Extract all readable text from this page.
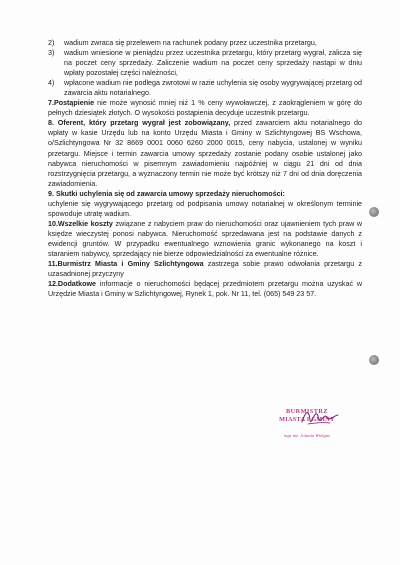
2) wadium zwraca się przelewem na rachunek podany przez uczestnika przetargu,
3) wadium wniesione w pieniądzu przez uczestnika przetargu, który przetarg wygrał, zalicza się na poczet ceny sprzedaży. Zaliczenie wadium na poczet ceny sprzedaży nastąpi w dniu wpłaty pozostałej części należności,
4) wpłacone wadium nie podlega zwrotowi w razie uchylenia się osoby wygrywającej przetarg od zawarcia aktu notarialnego.

7.Postąpienie nie może wynosić mniej niż 1 % ceny wywoławczej, z zaokrągleniem w górę do pełnych dziesiątek złotych. O wysokości postąpienia decyduje uczestnik przetargu.

8. Oferent, który przetarg wygrał jest zobowiązany, przed zawarciem aktu notarialnego do wpłaty w kasie Urzędu lub na konto Urzędu Miasta i Gminy w Szlichtyngowej BS Wschowa, o/Szlichtyngowa Nr 32 8669 0001 0060 6260 2000 0015, ceny nabycia, ustalonej w wyniku przetargu. Miejsce i termin zawarcia umowy sprzedaży zostanie podany osobie ustalonej jako nabywca nieruchomości w pisemnym zawiadomieniu najpóźniej w ciągu 21 dni od dnia rozstrzygnięcia przetargu, a wyznaczony termin nie może być krótszy niż 7 dni od dnia doręczenia zawiadomienia.

9. Skutki uchylenia się od zawarcia umowy sprzedaży nieruchomości:
uchylenie się wygrywającego przetarg od podpisania umowy notarialnej w określonym terminie spowoduje utratę wadium.

10.Wszelkie koszty związane z nabyciem praw do nieruchomości oraz ujawnieniem tych praw w księdze wieczystej ponosi nabywca. Nieruchomość sprzedawana jest na podstawie danych z ewidencji gruntów. W przypadku ewentualnego wznowienia granic wykonanego na koszt i staraniem nabywcy, sprzedający nie bierze odpowiedzialności za ewentualne różnice.

11.Burmistrz Miasta i Gminy Szlichtyngowa zastrzega sobie prawo odwołania przetargu z uzasadnionej przyczyny

12.Dodatkowe informacje o nieruchomości będącej przedmiotem przetargu można uzyskać w Urzędzie Miasta i Gminy w Szlichtyngowej, Rynek 1, pok. Nr 11, tel. (065) 549 23 57.

BURMISTRZ
MIASTA I GMINY
mgr inż. Jolanta Wielgus
